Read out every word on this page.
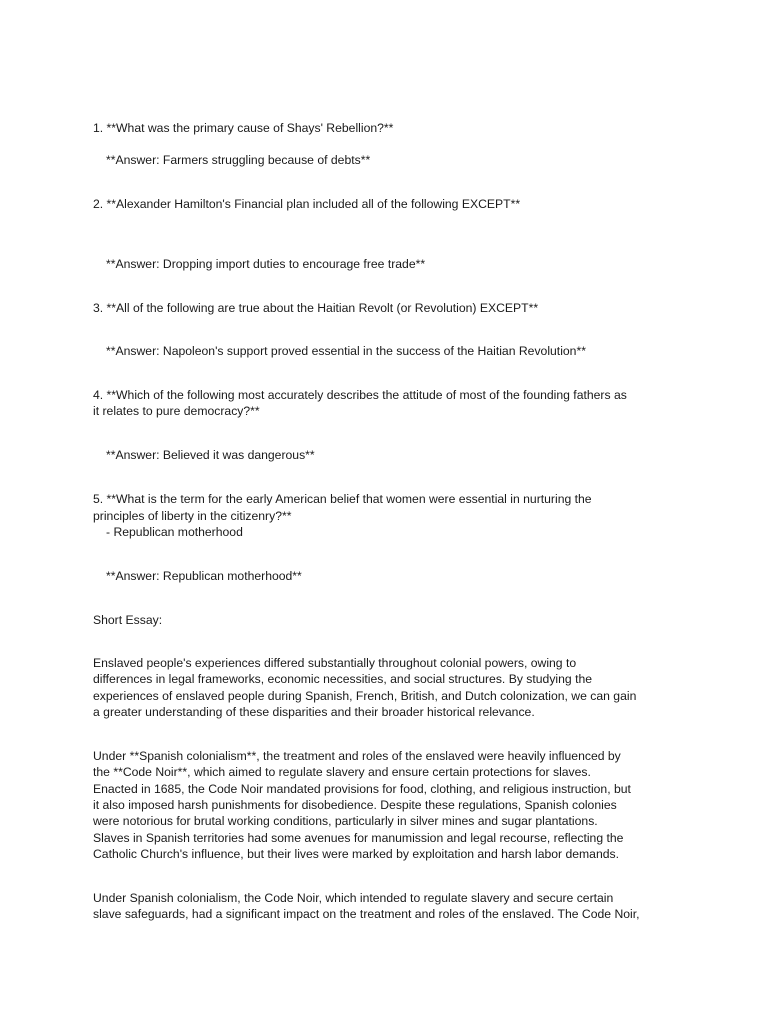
1. **What was the primary cause of Shays' Rebellion?**
**Answer: Farmers struggling because of debts**
2. **Alexander Hamilton's Financial plan included all of the following EXCEPT**
**Answer: Dropping import duties to encourage free trade**
3. **All of the following are true about the Haitian Revolt (or Revolution) EXCEPT**
**Answer: Napoleon's support proved essential in the success of the Haitian Revolution**
4. **Which of the following most accurately describes the attitude of most of the founding fathers as
it relates to pure democracy?**
**Answer: Believed it was dangerous**
5. **What is the term for the early American belief that women were essential in nurturing the
principles of liberty in the citizenry?**
- Republican motherhood
**Answer: Republican motherhood**
Short Essay:
Enslaved people's experiences differed substantially throughout colonial powers, owing to
differences in legal frameworks, economic necessities, and social structures. By studying the
experiences of enslaved people during Spanish, French, British, and Dutch colonization, we can gain
a greater understanding of these disparities and their broader historical relevance.
Under **Spanish colonialism**, the treatment and roles of the enslaved were heavily influenced by
the **Code Noir**, which aimed to regulate slavery and ensure certain protections for slaves.
Enacted in 1685, the Code Noir mandated provisions for food, clothing, and religious instruction, but
it also imposed harsh punishments for disobedience. Despite these regulations, Spanish colonies
were notorious for brutal working conditions, particularly in silver mines and sugar plantations.
Slaves in Spanish territories had some avenues for manumission and legal recourse, reflecting the
Catholic Church's influence, but their lives were marked by exploitation and harsh labor demands.
Under Spanish colonialism, the Code Noir, which intended to regulate slavery and secure certain
slave safeguards, had a significant impact on the treatment and roles of the enslaved. The Code Noir,
